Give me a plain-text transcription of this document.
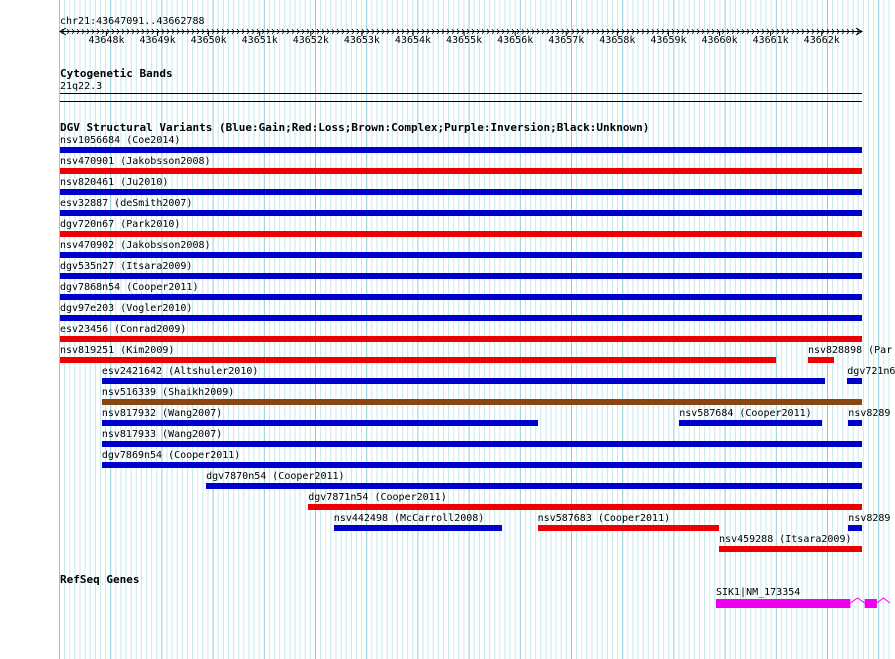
chr21:43647091..43662788
43648k 43649k 43650k 43651k 43652k 43653k 43654k 43655k 43656k 43657k 43658k 43659k 43660k 43661k 43662k
Cytogenetic Bands
21q22.3
DGV Structural Variants (Blue:Gain;Red:Loss;Brown:Complex;Purple:Inversion;Black:Unknown)
nsv1056684 (Coe2014)
nsv470901 (Jakobsson2008)
nsv820461 (Ju2010)
esv32887 (deSmith2007)
dgv720n67 (Park2010)
nsv470902 (Jakobsson2008)
dgv535n27 (Itsara2009)
dgv7868n54 (Cooper2011)
dgv97e203 (Vogler2010)
esv23456 (Conrad2009)
nsv819251 (Kim2009)	nsv828898 (Par
esv2421642 (Altshuler2010)	dgv721n6
nsv516339 (Shaikh2009)
nsv817932 (Wang2007)	nsv587684 (Cooper2011)	nsv8289
nsv817933 (Wang2007)
dgv7869n54 (Cooper2011)
dgv7870n54 (Cooper2011)
dgv7871n54 (Cooper2011)
nsv442498 (McCarroll2008)	nsv587683 (Cooper2011)	nsv8289
nsv459288 (Itsara2009)
RefSeq Genes
SIK1|NM_173354
